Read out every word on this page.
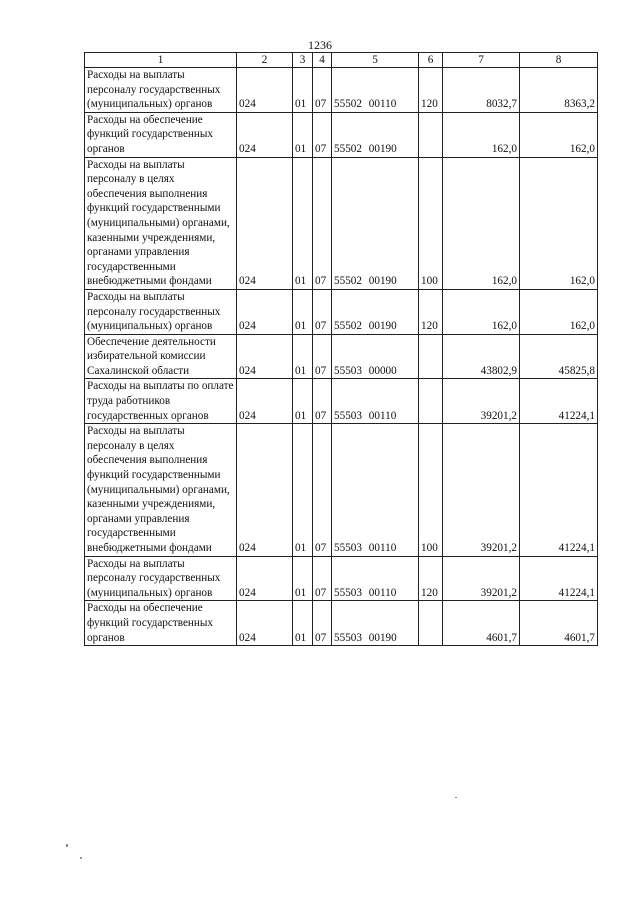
1236
1	2	3	4	5	6	7	8
Расходы на выплаты персоналу государственных (муниципальных) органов	024	01	07	55502 00110	120	8032,7	8363,2
Расходы на обеспечение функций государственных органов	024	01	07	55502 00190		162,0	162,0
Расходы на выплаты персоналу в целях обеспечения выполнения функций государственными (муниципальными) органами, казенными учреждениями, органами управления государственными внебюджетными фондами	024	01	07	55502 00190	100	162,0	162,0
Расходы на выплаты персоналу государственных (муниципальных) органов	024	01	07	55502 00190	120	162,0	162,0
Обеспечение деятельности избирательной комиссии Сахалинской области	024	01	07	55503 00000		43802,9	45825,8
Расходы на выплаты по оплате труда работников государственных органов	024	01	07	55503 00110		39201,2	41224,1
Расходы на выплаты персоналу в целях обеспечения выполнения функций государственными (муниципальными) органами, казенными учреждениями, органами управления государственными внебюджетными фондами	024	01	07	55503 00110	100	39201,2	41224,1
Расходы на выплаты персоналу государственных (муниципальных) органов	024	01	07	55503 00110	120	39201,2	41224,1
Расходы на обеспечение функций государственных органов	024	01	07	55503 00190		4601,7	4601,7
